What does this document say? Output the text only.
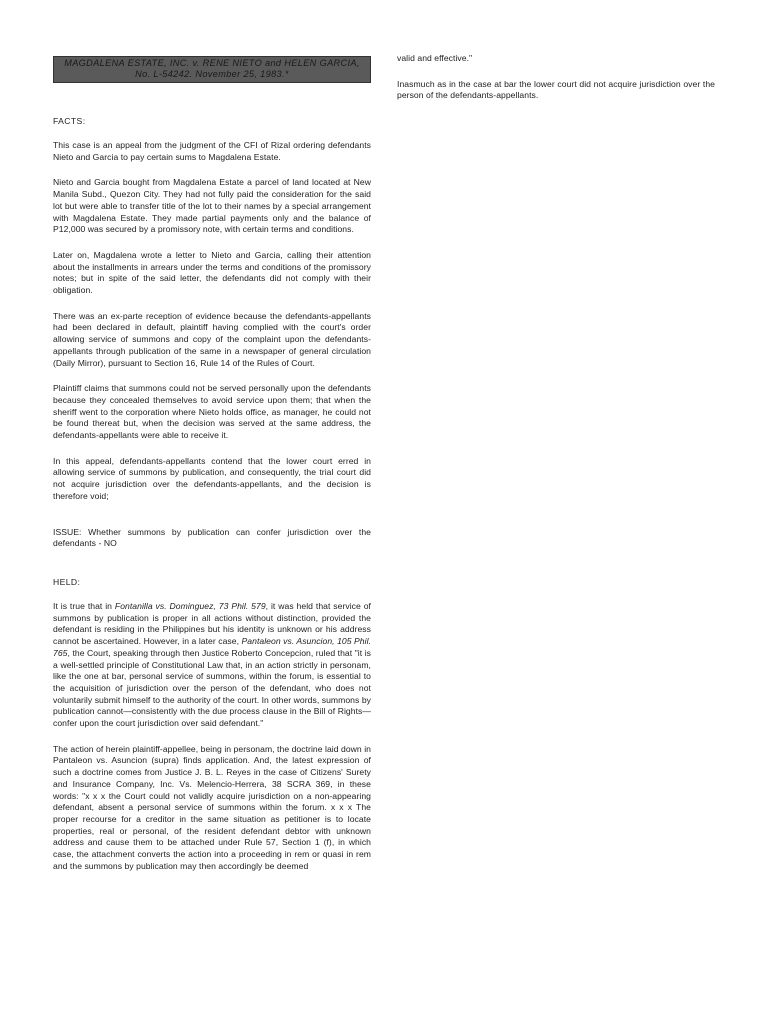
MAGDALENA ESTATE, INC. v. RENE NIETO and HELEN GARCIA,
No. L-54242. November 25, 1983.*
FACTS:

This case is an appeal from the judgment of the CFI of Rizal ordering defendants Nieto and Garcia to pay certain sums to Magdalena Estate.

Nieto and Garcia bought from Magdalena Estate a parcel of land located at New Manila Subd., Quezon City. They had not fully paid the consideration for the said lot but were able to transfer title of the lot to their names by a special arrangement with Magdalena Estate. They made partial payments only and the balance of P12,000 was secured by a promissory note, with certain terms and conditions.

Later on, Magdalena wrote a letter to Nieto and Garcia, calling their attention about the installments in arrears under the terms and conditions of the promissory notes; but in spite of the said letter, the defendants did not comply with their obligation.

There was an ex-parte reception of evidence because the defendants-appellants had been declared in default, plaintiff having complied with the court's order allowing service of summons and copy of the complaint upon the defendants-appellants through publication of the same in a newspaper of general circulation (Daily Mirror), pursuant to Section 16, Rule 14 of the Rules of Court.

Plaintiff claims that summons could not be served personally upon the defendants because they concealed themselves to avoid service upon them; that when the sheriff went to the corporation where Nieto holds office, as manager, he could not be found thereat but, when the decision was served at the same address, the defendants-appellants were able to receive it.

In this appeal, defendants-appellants contend that the lower court erred in allowing service of summons by publication, and consequently, the trial court did not acquire jurisdiction over the defendants-appellants, and the decision is therefore void;

ISSUE: Whether summons by publication can confer jurisdiction over the defendants - NO

HELD:

It is true that in Fontanilla vs. Dominguez, 73 Phil. 579, it was held that service of summons by publication is proper in all actions without distinction, provided the defendant is residing in the Philippines but his identity is unknown or his address cannot be ascertained. However, in a later case, Pantaleon vs. Asuncion, 105 Phil. 765, the Court, speaking through then Justice Roberto Concepcion, ruled that "it is a well-settled principle of Constitutional Law that, in an action strictly in personam, like the one at bar, personal service of summons, within the forum, is essential to the acquisition of jurisdiction over the person of the defendant, who does not voluntarily submit himself to the authority of the court. In other words, summons by publication cannot—consistently with the due process clause in the Bill of Rights—confer upon the court jurisdiction over said defendant."

The action of herein plaintiff-appellee, being in personam, the doctrine laid down in Pantaleon vs. Asuncion (supra) finds application. And, the latest expression of such a doctrine comes from Justice J. B. L. Reyes in the case of Citizens' Surety and Insurance Company, Inc. Vs. Melencio-Herrera, 38 SCRA 369, in these words: "x x x the Court could not validly acquire jurisdiction on a non-appearing defendant, absent a personal service of summons within the forum. x x x The proper recourse for a creditor in the same situation as petitioner is to locate properties, real or personal, of the resident defendant debtor with unknown address and cause them to be attached under Rule 57, Section 1 (f), in which case, the attachment converts the action into a proceeding in rem or quasi in rem and the summons by publication may then accordingly be deemed

valid and effective."

Inasmuch as in the case at bar the lower court did not acquire jurisdiction over the person of the defendants-appellants.
